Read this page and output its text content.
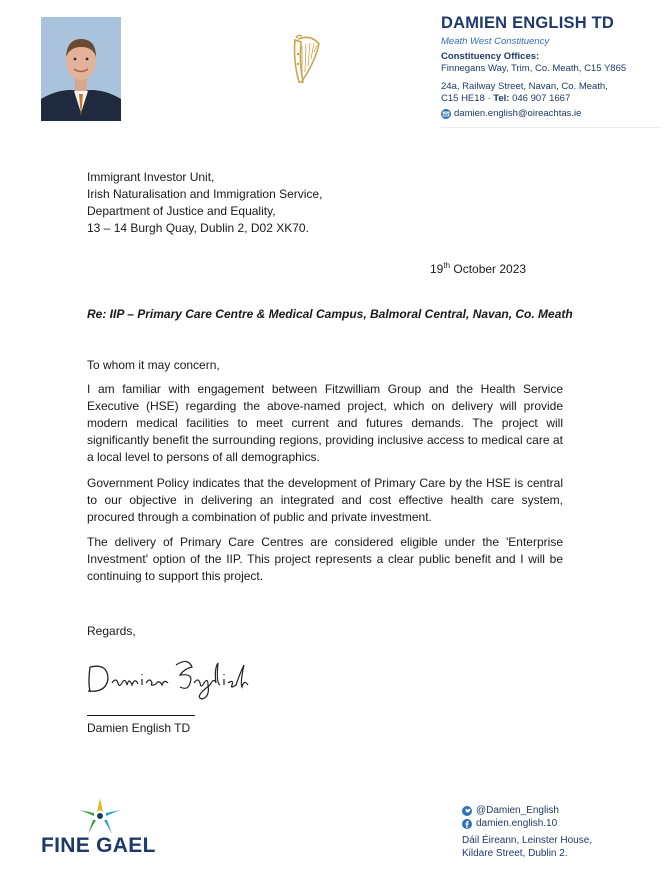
DAMIEN ENGLISH TD
Meath West Constituency
Constituency Offices:
Finnegans Way, Trim, Co. Meath, C15 Y865
24a, Railway Street, Navan, Co. Meath,
C15 HE18 · Tel: 046 907 1667
damien.english@oireachtas.ie
Immigrant Investor Unit,
Irish Naturalisation and Immigration Service,
Department of Justice and Equality,
13 – 14 Burgh Quay, Dublin 2, D02 XK70.
19th October 2023
Re: IIP – Primary Care Centre & Medical Campus, Balmoral Central, Navan, Co. Meath
To whom it may concern,
I am familiar with engagement between Fitzwilliam Group and the Health Service Executive (HSE) regarding the above-named project, which on delivery will provide modern medical facilities to meet current and futures demands. The project will significantly benefit the surrounding regions, providing inclusive access to medical care at a local level to persons of all demographics.
Government Policy indicates that the development of Primary Care by the HSE is central to our objective in delivering an integrated and cost effective health care system, procured through a combination of public and private investment.
The delivery of Primary Care Centres are considered eligible under the 'Enterprise Investment' option of the IIP. This project represents a clear public benefit and I will be continuing to support this project.
Regards,
Damien English TD
FINE GAEL
@Damien_English
damien.english.10
Dáil Éireann, Leinster House,
Kildare Street, Dublin 2.
